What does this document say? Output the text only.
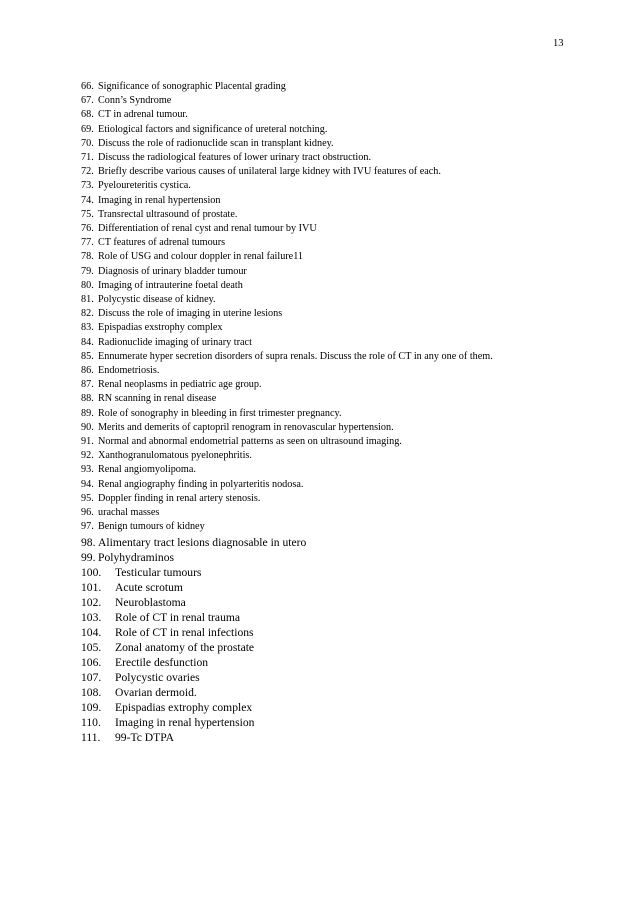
13
66. Significance of sonographic Placental grading
67. Conn’s Syndrome
68. CT in adrenal tumour.
69. Etiological factors and significance of ureteral notching.
70. Discuss the role of radionuclide scan in transplant kidney.
71. Discuss the radiological features of lower urinary tract obstruction.
72. Briefly describe various causes of unilateral large kidney with IVU features of each.
73. Pyeloureteritis cystica.
74. Imaging in renal hypertension
75. Transrectal ultrasound of prostate.
76. Differentiation of renal cyst and renal tumour by IVU
77. CT features of adrenal tumours
78. Role of USG and colour doppler in renal failure11
79. Diagnosis of urinary bladder tumour
80. Imaging of intrauterine foetal death
81. Polycystic disease of kidney.
82. Discuss the role of imaging in uterine lesions
83. Epispadias exstrophy complex
84. Radionuclide imaging of urinary tract
85. Ennumerate hyper secretion disorders of supra renals. Discuss the role of CT in any one of them.
86. Endometriosis.
87. Renal neoplasms in pediatric age group.
88. RN scanning in renal disease
89. Role of sonography in bleeding in first trimester pregnancy.
90. Merits and demerits of captopril renogram in renovascular hypertension.
91. Normal and abnormal endometrial patterns as seen on ultrasound imaging.
92. Xanthogranulomatous pyelonephritis.
93. Renal angiomyolipoma.
94. Renal angiography finding in polyarteritis nodosa.
95. Doppler finding in renal artery stenosis.
96. urachal masses
97. Benign tumours of kidney
98. Alimentary tract lesions diagnosable in utero
99. Polyhydraminos
100.	Testicular tumours
101.	Acute scrotum
102.	Neuroblastoma
103.	Role of CT in renal trauma
104.	Role of CT in renal infections
105.	Zonal anatomy of the prostate
106.	Erectile desfunction
107.	Polycystic ovaries
108.	Ovarian dermoid.
109.	Epispadias extrophy complex
110.	Imaging in renal hypertension
111.	99-Tc DTPA
